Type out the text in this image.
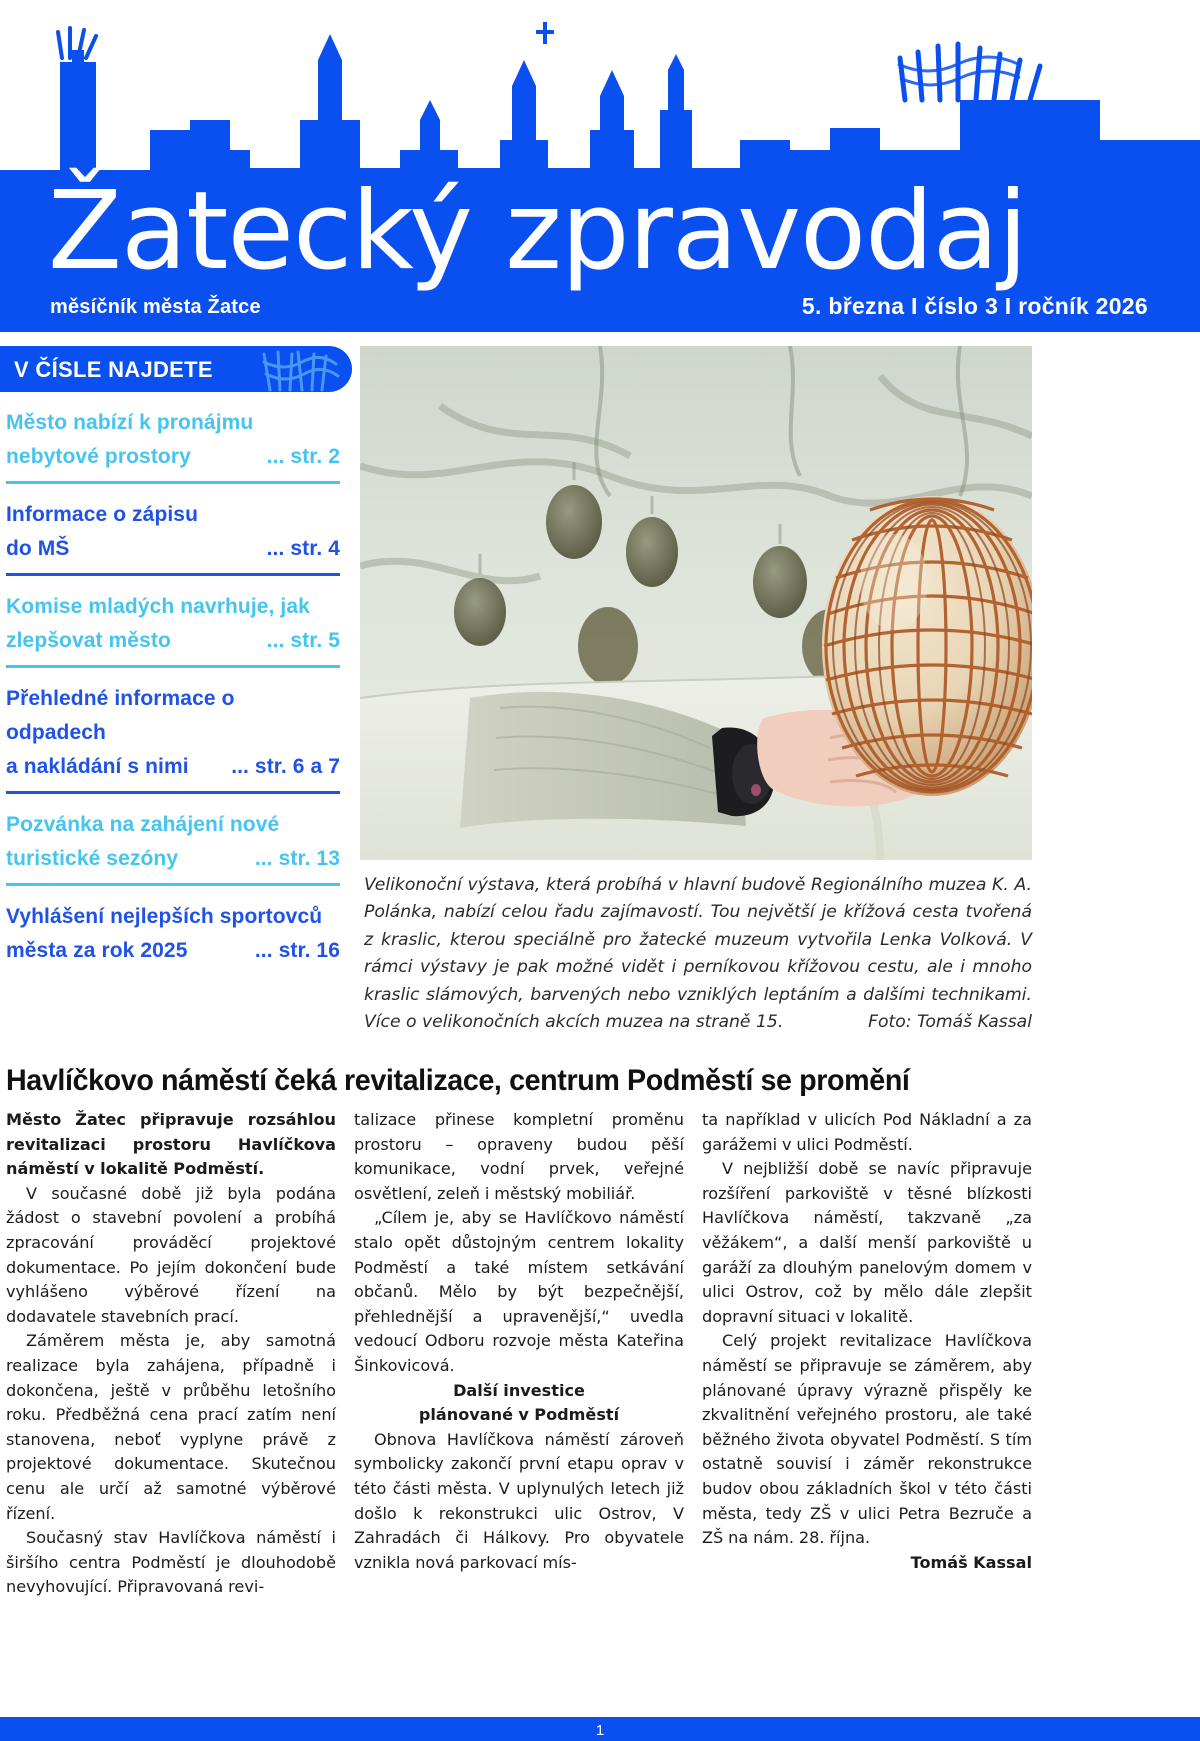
Žatecký zpravodaj
měsíčník města Žatce	5. března I číslo 3 I ročník 2026
V ČÍSLE NAJDETE
Město nabízí k pronájmu
nebytové prostory	... str. 2
Informace o zápisu
do MŠ	... str. 4
Komise mladých navrhuje, jak
zlepšovat město	... str. 5
Přehledné informace o odpadech
a nakládání s nimi ... str. 6 a 7
Pozvánka na zahájení nové
turistické sezóny	... str. 13
Vyhlášení nejlepších sportovců
města za rok 2025	... str. 16
Velikonoční výstava, která probíhá v hlavní budově Regionálního muzea K. A. Polánka, nabízí celou řadu zajímavostí. Tou největší je křížová cesta tvořená z kraslic, kterou speciálně pro žatecké muzeum vytvořila Lenka Volková. V rámci výstavy je pak možné vidět i perníkovou křížovou cestu, ale i mnoho kraslic slámových, barvených nebo vzniklých leptáním a dalšími technikami. Více o velikonočních akcích muzea na straně 15.	Foto: Tomáš Kassal
Havlíčkovo náměstí čeká revitalizace, centrum Podměstí se promění

Město Žatec připravuje rozsáhlou revitalizaci prostoru Havlíčkova náměstí v lokalitě Podměstí.

V současné době již byla podána žádost o stavební povolení a probíhá zpracování prováděcí projektové dokumentace. Po jejím dokončení bude vyhlášeno výběrové řízení na dodavatele stavebních prací.

Záměrem města je, aby samotná realizace byla zahájena, případně i dokončena, ještě v průběhu letošního roku. Předběžná cena prací zatím není stanovena, neboť vyplyne právě z projektové dokumentace. Skutečnou cenu ale určí až samotné výběrové řízení.

Současný stav Havlíčkova náměstí i širšího centra Podměstí je dlouhodobě nevyhovující. Připravovaná revi-

talizace přinese kompletní proměnu prostoru – opraveny budou pěší komunikace, vodní prvek, veřejné osvětlení, zeleň i městský mobiliář.

„Cílem je, aby se Havlíčkovo náměstí stalo opět důstojným centrem lokality Podměstí a také místem setkávání občanů. Mělo by být bezpečnější, přehlednější a upravenější,“ uvedla vedoucí Odboru rozvoje města Kateřina Šinkovicová.

Další investice

plánované v Podměstí

Obnova Havlíčkova náměstí zároveň symbolicky zakončí první etapu oprav v této části města. V uplynulých letech již došlo k rekonstrukci ulic Ostrov, V Zahradách či Hálkovy. Pro obyvatele vznikla nová parkovací mís-

ta například v ulicích Pod Nákladní a za garážemi v ulici Podměstí.

V nejbližší době se navíc připravuje rozšíření parkoviště v těsné blízkosti Havlíčkova náměstí, takzvaně „za věžákem“, a další menší parkoviště u garáží za dlouhým panelovým domem v ulici Ostrov, což by mělo dále zlepšit dopravní situaci v lokalitě.

Celý projekt revitalizace Havlíčkova náměstí se připravuje se záměrem, aby plánované úpravy výrazně přispěly ke zkvalitnění veřejného prostoru, ale také běžného života obyvatel Podměstí. S tím ostatně souvisí i záměr rekonstrukce budov obou základních škol v této části města, tedy ZŠ v ulici Petra Bezruče a ZŠ na nám. 28. října.

Tomáš Kassal

1
